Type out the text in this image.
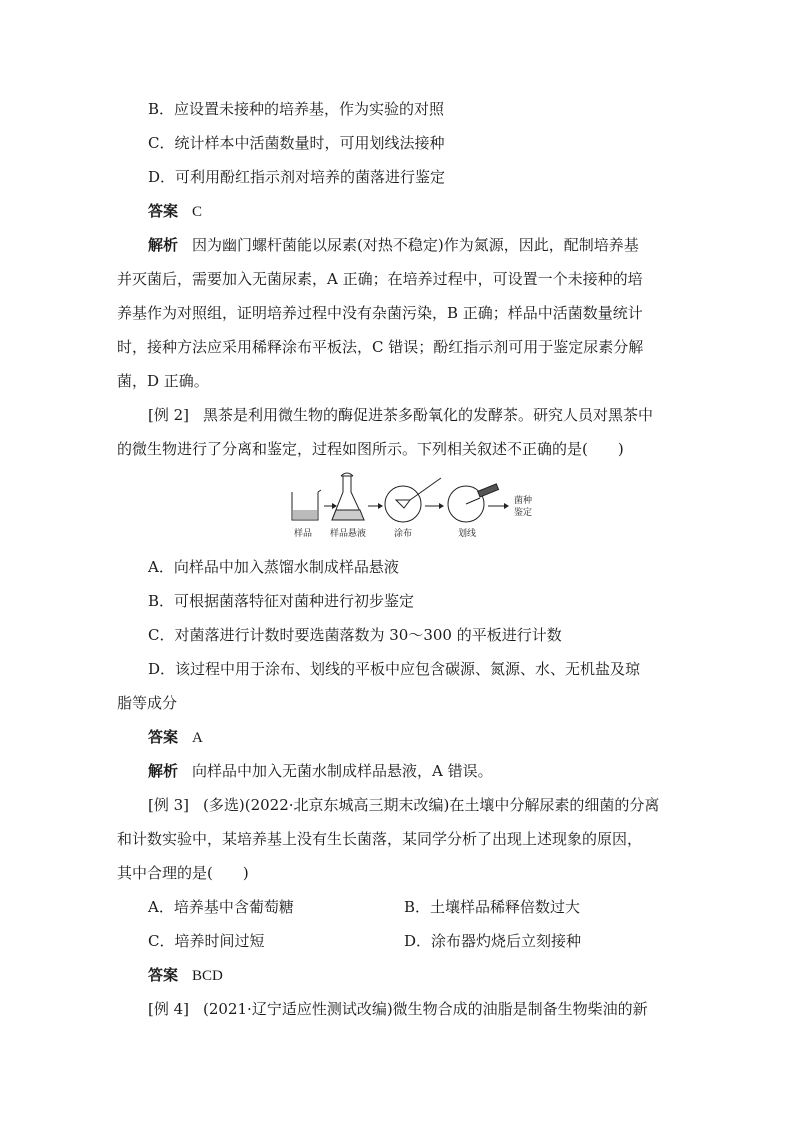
B．应设置未接种的培养基，作为实验的对照
C．统计样本中活菌数量时，可用划线法接种
D．可利用酚红指示剂对培养的菌落进行鉴定
答案 C
解析 因为幽门螺杆菌能以尿素(对热不稳定)作为氮源，因此，配制培养基
并灭菌后，需要加入无菌尿素，A 正确；在培养过程中，可设置一个未接种的培
养基作为对照组，证明培养过程中没有杂菌污染，B 正确；样品中活菌数量统计
时，接种方法应采用稀释涂布平板法，C 错误；酚红指示剂可用于鉴定尿素分解
菌，D 正确。
[例 2] 黑茶是利用微生物的酶促进茶多酚氧化的发酵茶。研究人员对黑茶中
的微生物进行了分离和鉴定，过程如图所示。下列相关叙述不正确的是(　　)
菌种
鉴定
样品 样品悬液	涂布	划线
A．向样品中加入蒸馏水制成样品悬液
B．可根据菌落特征对菌种进行初步鉴定
C．对菌落进行计数时要选菌落数为 30～300 的平板进行计数
D．该过程中用于涂布、划线的平板中应包含碳源、氮源、水、无机盐及琼
脂等成分
答案 A
解析 向样品中加入无菌水制成样品悬液，A 错误。
[例 3] (多选)(2022·北京东城高三期末改编)在土壤中分解尿素的细菌的分离
和计数实验中，某培养基上没有生长菌落，某同学分析了出现上述现象的原因，
其中合理的是(　　)
A．培养基中含葡萄糖	B．土壤样品稀释倍数过大
C．培养时间过短	D．涂布器灼烧后立刻接种
答案 BCD
[例 4] (2021·辽宁适应性测试改编)微生物合成的油脂是制备生物柴油的新
